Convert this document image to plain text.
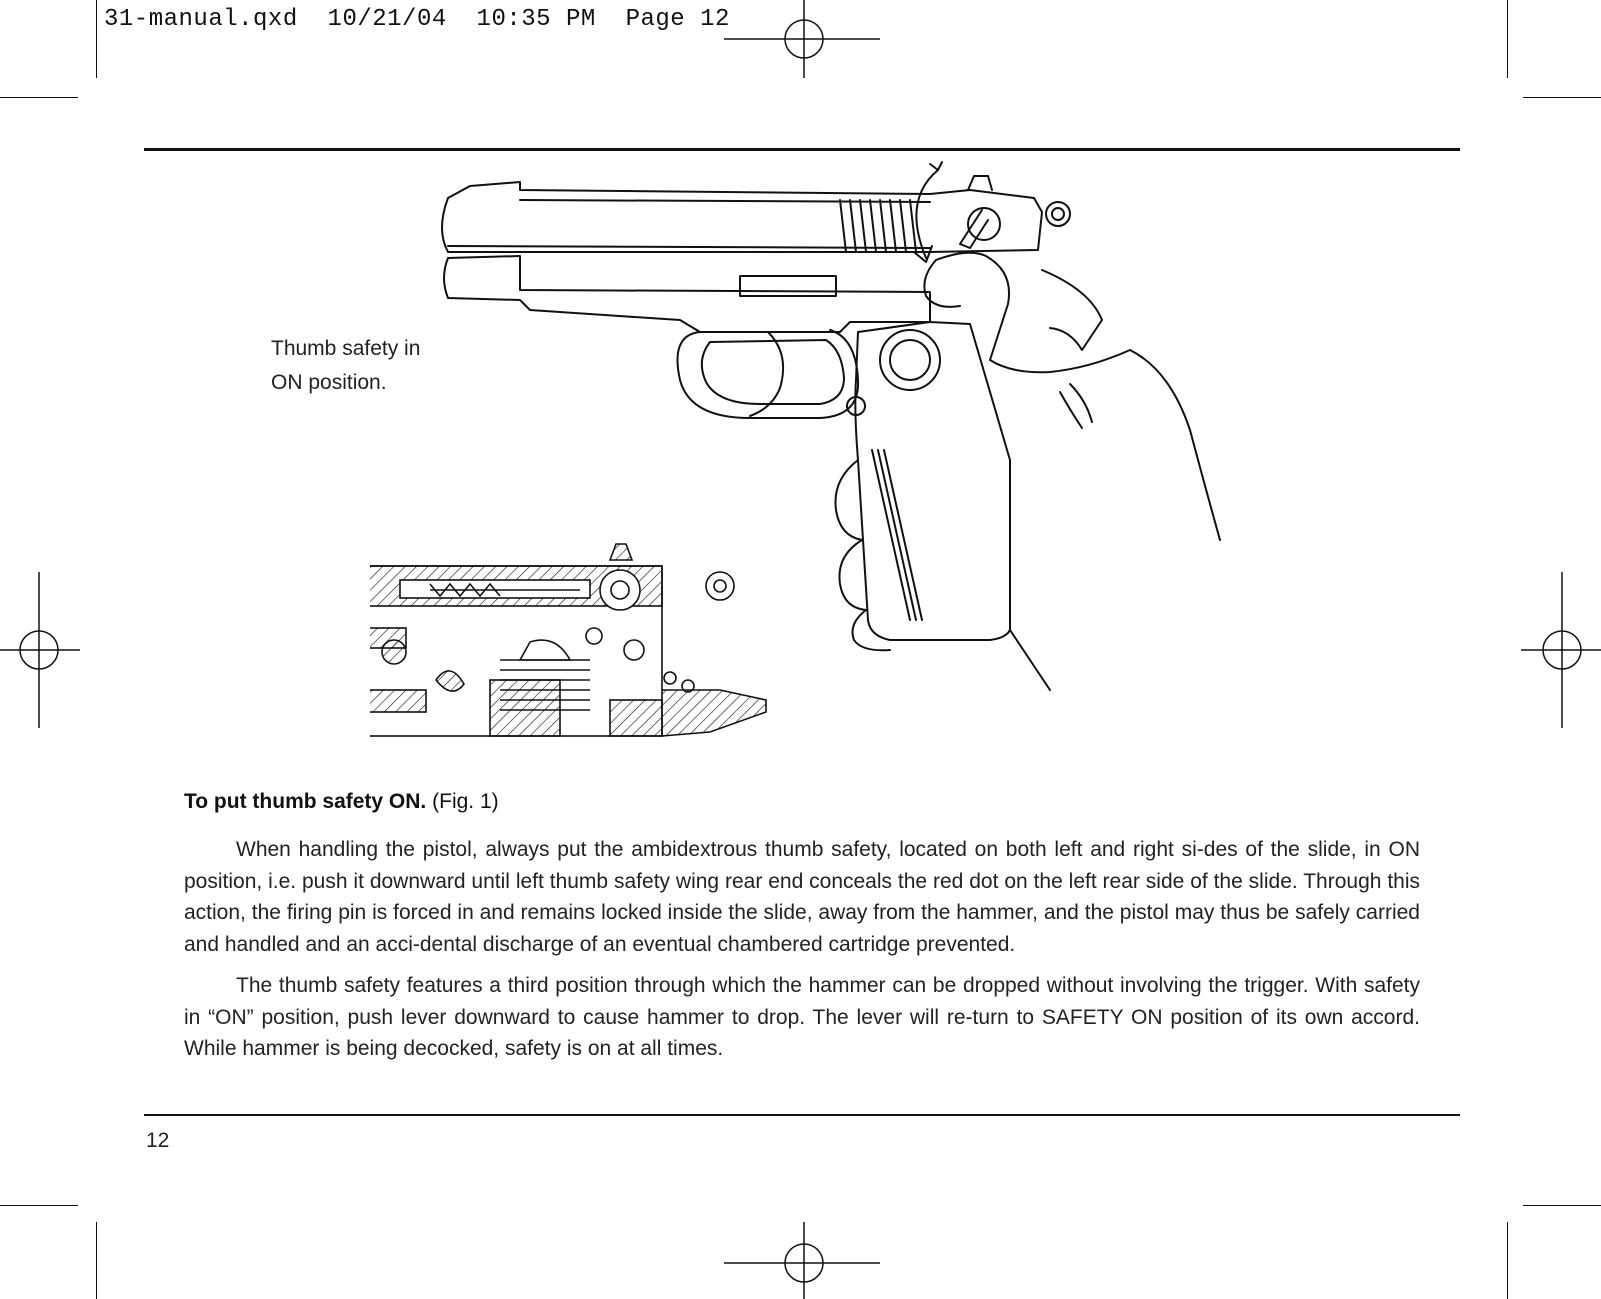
31-manual.qxd  10/21/04  10:35 PM  Page 12
Thumb safety in
ON position.
To put thumb safety ON. (Fig. 1)

When handling the pistol, always put the ambidextrous thumb safety, located on both left and right si-des of the slide, in ON position, i.e. push it downward until left thumb safety wing rear end conceals the red dot on the left rear side of the slide. Through this action, the firing pin is forced in and remains locked inside the slide, away from the hammer, and the pistol may thus be safely carried and handled and an acci-dental discharge of an eventual chambered cartridge prevented.

The thumb safety features a third position through which the hammer can be dropped without involving the trigger. With safety in “ON” position, push lever downward to cause hammer to drop. The lever will re-turn to SAFETY ON position of its own accord. While hammer is being decocked, safety is on at all times.

12
